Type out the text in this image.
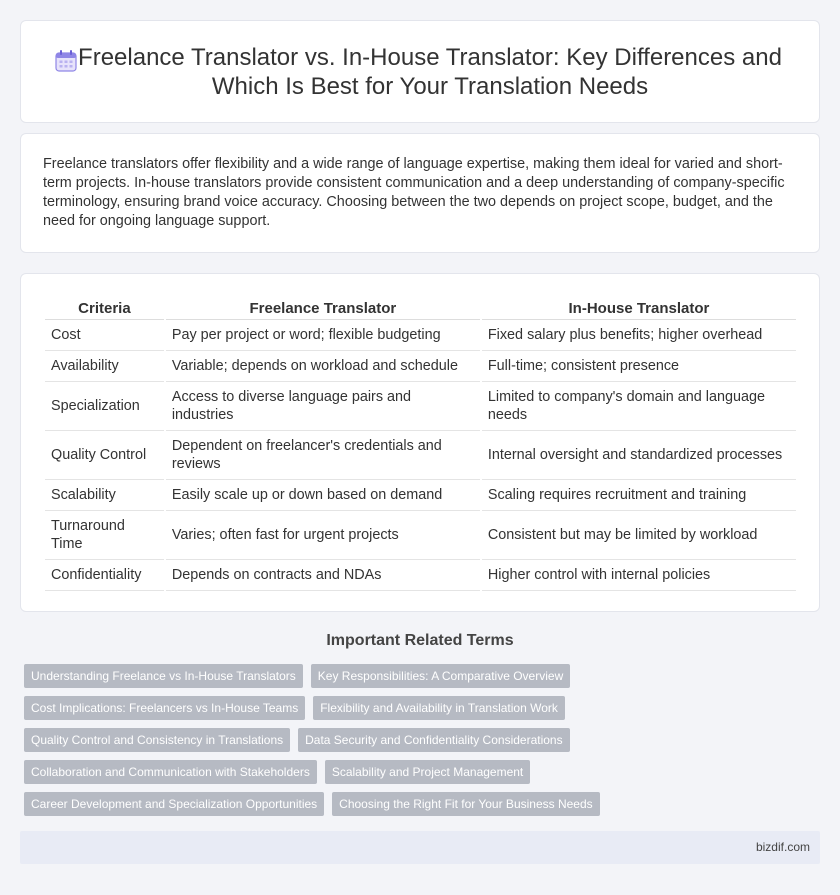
Freelance Translator vs. In-House Translator: Key Differences and Which Is Best for Your Translation Needs

Freelance translators offer flexibility and a wide range of language expertise, making them ideal for varied and short-term projects. In-house translators provide consistent communication and a deep understanding of company-specific terminology, ensuring brand voice accuracy. Choosing between the two depends on project scope, budget, and the need for ongoing language support.

Criteria	Freelance Translator	In-House Translator
Cost	Pay per project or word; flexible budgeting	Fixed salary plus benefits; higher overhead
Availability	Variable; depends on workload and schedule	Full-time; consistent presence
Specialization	Access to diverse language pairs and industries	Limited to company's domain and language needs
Quality Control	Dependent on freelancer's credentials and reviews	Internal oversight and standardized processes
Scalability	Easily scale up or down based on demand	Scaling requires recruitment and training
Turnaround Time	Varies; often fast for urgent projects	Consistent but may be limited by workload
Confidentiality	Depends on contracts and NDAs	Higher control with internal policies
Important Related Terms
Understanding Freelance vs In-House Translators	Key Responsibilities: A Comparative Overview
Cost Implications: Freelancers vs In-House Teams	Flexibility and Availability in Translation Work
Quality Control and Consistency in Translations	Data Security and Confidentiality Considerations
Collaboration and Communication with Stakeholders	Scalability and Project Management
Career Development and Specialization Opportunities	Choosing the Right Fit for Your Business Needs
bizdif.com
